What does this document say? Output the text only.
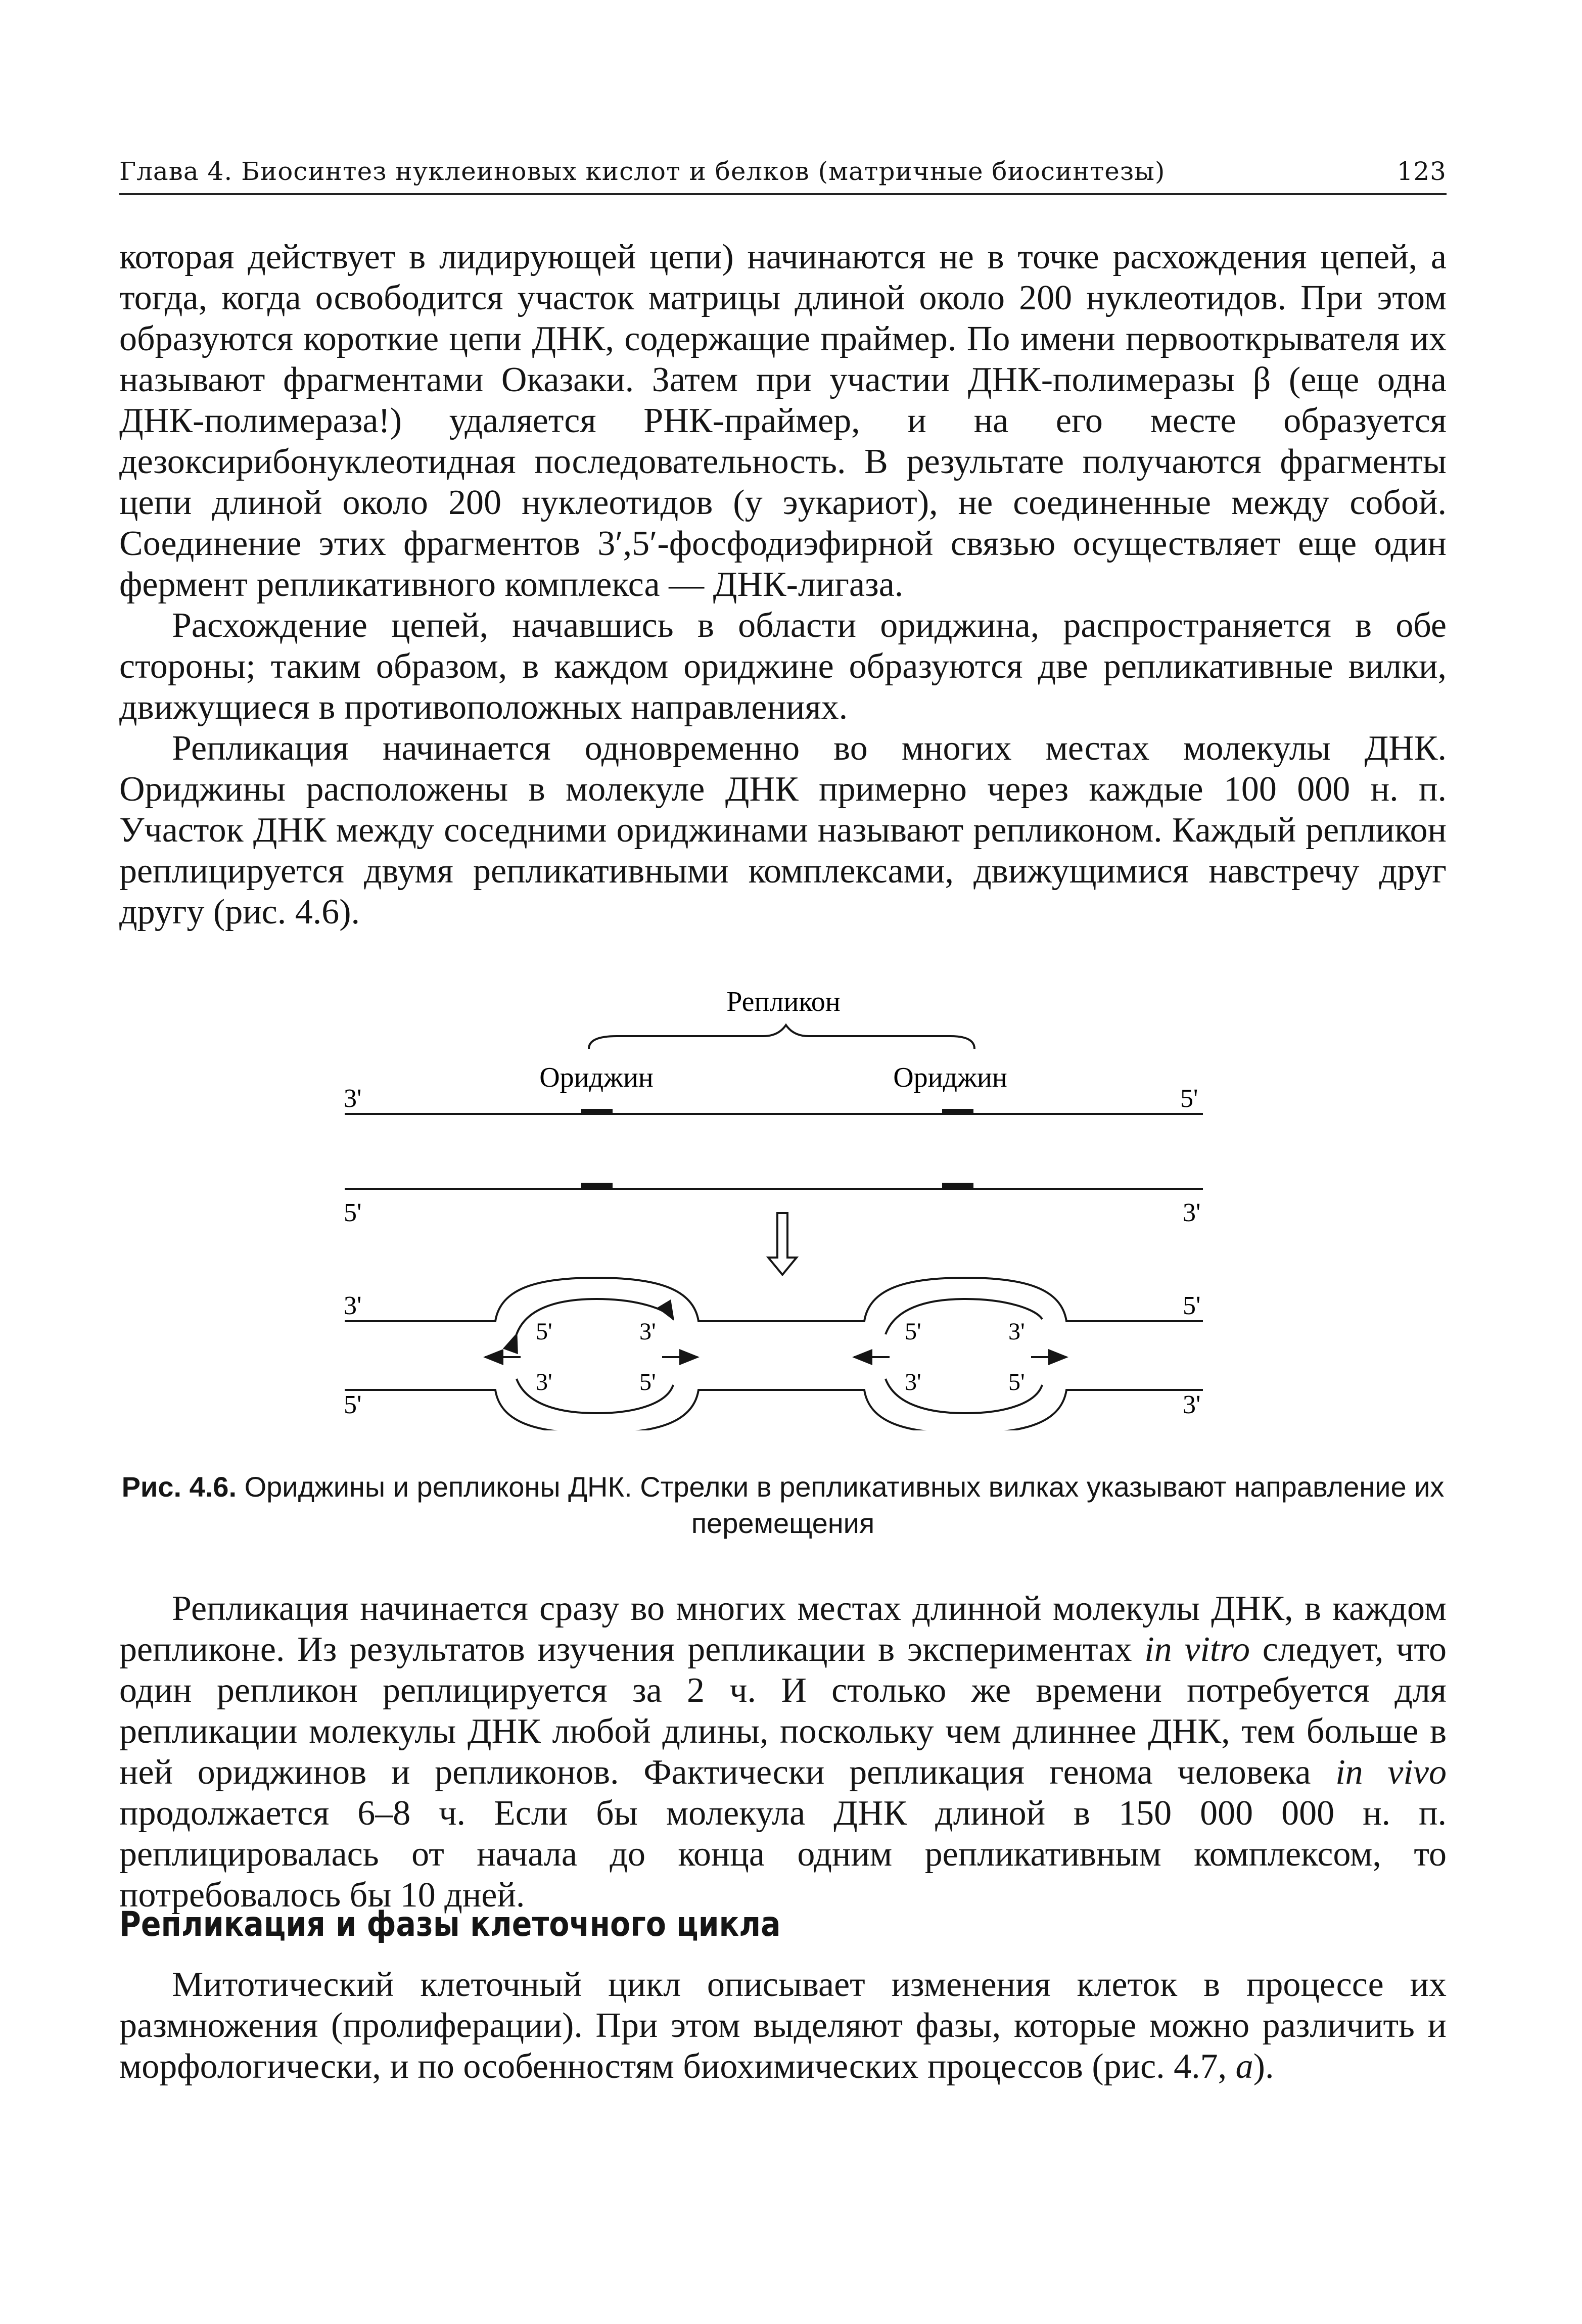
Глава 4. Биосинтез нуклеиновых кислот и белков (матричные биосинтезы)	123

которая действует в лидирующей цепи) начинаются не в точке расхождения цепей, а тогда, когда освободится участок матрицы длиной около 200 нуклеотидов. При этом образуются короткие цепи ДНК, содержащие праймер. По имени первооткрывателя их называют фрагментами Оказаки. Затем при участии ДНК-полимеразы β (еще одна ДНК-полимераза!) удаляется РНК-праймер, и на его месте образуется дезоксирибонуклеотидная последовательность. В результате получаются фрагменты цепи длиной около 200 нуклеотидов (у эукариот), не соединенные между собой. Соединение этих фрагментов 3′,5′-фосфодиэфирной связью осуществляет еще один фермент репликативного комплекса — ДНК-лигаза.

Расхождение цепей, начавшись в области ориджина, распространяется в обе стороны; таким образом, в каждом ориджине образуются две репликативные вилки, движущиеся в противоположных направлениях.

Репликация начинается одновременно во многих местах молекулы ДНК. Ориджины расположены в молекуле ДНК примерно через каждые 100 000 н. п. Участок ДНК между соседними ориджинами называют репликоном. Каждый репликон реплицируется двумя репликативными комплексами, движущимися навстречу друг другу (рис. 4.6).

Репликон
Ориджин	Ориджин
3'	5'
5'	3'
3'	5'
5'	3'
5'	3'
3'	5'
5'	3'
3'	5'
Рис. 4.6. Ориджины и репликоны ДНК. Стрелки в репликативных вилках указывают направление их перемещения

Репликация начинается сразу во многих местах длинной молекулы ДНК, в каждом репликоне. Из результатов изучения репликации в экспериментах in vitro следует, что один репликон реплицируется за 2 ч. И столько же времени потребуется для репликации молекулы ДНК любой длины, поскольку чем длиннее ДНК, тем больше в ней ориджинов и репликонов. Фактически репликация генома человека in vivo продолжается 6–8 ч. Если бы молекула ДНК длиной в 150 000 000 н. п. реплицировалась от начала до конца одним репликативным комплексом, то потребовалось бы 10 дней.

Репликация и фазы клеточного цикла

Митотический клеточный цикл описывает изменения клеток в процессе их размножения (пролиферации). При этом выделяют фазы, которые можно различить и морфологически, и по особенностям биохимических процессов (рис. 4.7, а).
